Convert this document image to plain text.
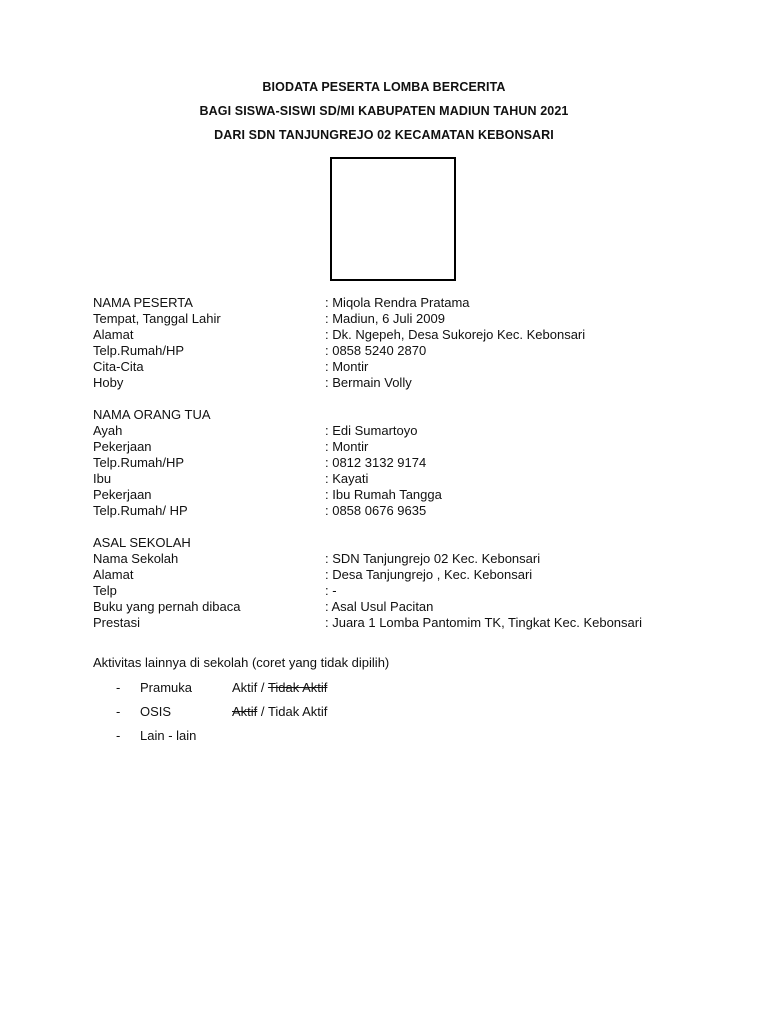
BIODATA PESERTA LOMBA BERCERITA
BAGI SISWA-SISWI SD/MI KABUPATEN MADIUN TAHUN 2021
DARI SDN TANJUNGREJO 02 KECAMATAN KEBONSARI
NAMA PESERTA	: Miqola Rendra Pratama
Tempat, Tanggal Lahir	: Madiun, 6 Juli 2009
Alamat	: Dk. Ngepeh, Desa Sukorejo Kec. Kebonsari
Telp.Rumah/HP	: 0858 5240 2870
Cita-Cita	: Montir
Hoby	: Bermain Volly
NAMA ORANG TUA
Ayah	: Edi Sumartoyo
Pekerjaan	: Montir
Telp.Rumah/HP	: 0812 3132 9174
Ibu	: Kayati
Pekerjaan	: Ibu Rumah Tangga
Telp.Rumah/ HP	: 0858 0676 9635
ASAL SEKOLAH
Nama Sekolah	: SDN Tanjungrejo 02 Kec. Kebonsari
Alamat	: Desa Tanjungrejo , Kec. Kebonsari
Telp	: -
Buku yang pernah dibaca	: Asal Usul Pacitan
Prestasi	: Juara 1 Lomba Pantomim TK, Tingkat Kec. Kebonsari
Aktivitas lainnya di sekolah (coret yang tidak dipilih)
- Pramuka	Aktif / Tidak Aktif
- OSIS	Aktif / Tidak Aktif
- Lain - lain
